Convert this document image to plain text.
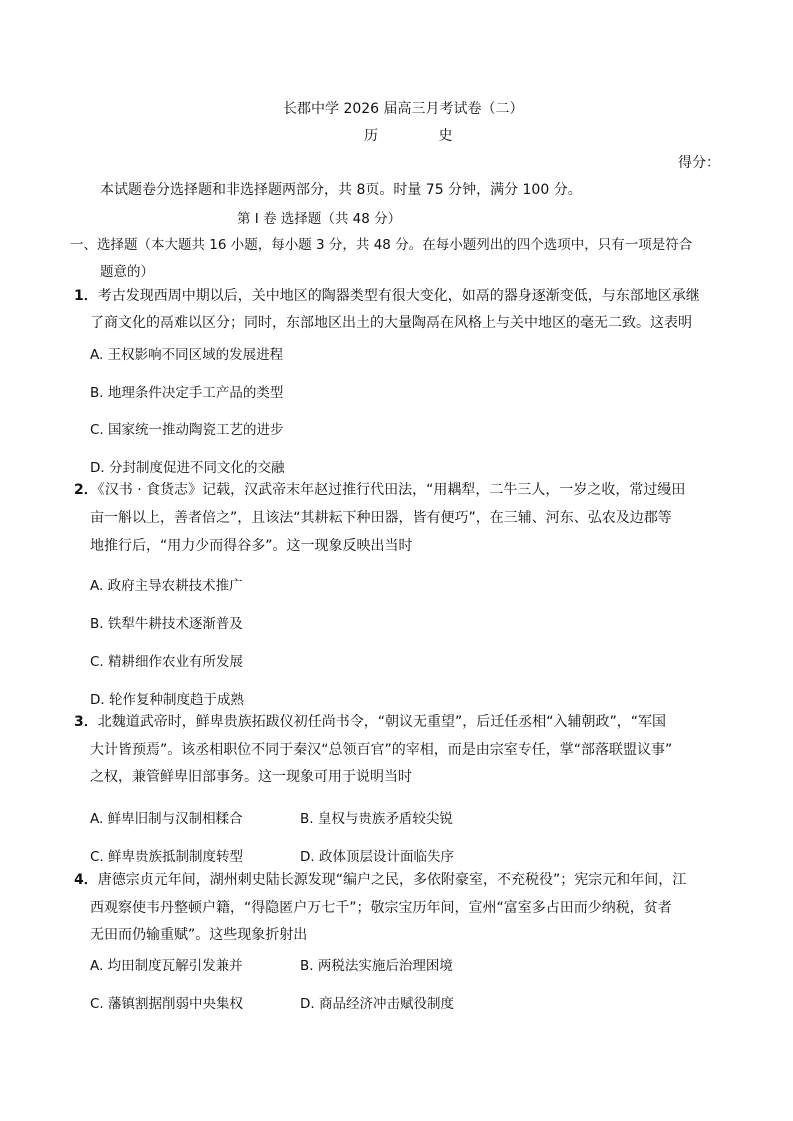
长郡中学 2026 届高三月考试卷（二）
历 史
得分：
本试题卷分选择题和非选择题两部分，共 8页。时量 75 分钟，满分 100 分。
第 I 卷 选择题（共 48 分）
一、选择题（本大题共 16 小题，每小题 3 分，共 48 分。在每小题列出的四个选项中，只有一项是符合
题意的）
1．考古发现西周中期以后，关中地区的陶器类型有很大变化，如鬲的器身逐渐变低，与东部地区承继
了商文化的鬲难以区分；同时，东部地区出土的大量陶鬲在风格上与关中地区的毫无二致。这表明
A. 王权影响不同区域的发展进程
B. 地理条件决定手工产品的类型
C. 国家统一推动陶瓷工艺的进步
D. 分封制度促进不同文化的交融
2．《汉书 · 食货志》记载，汉武帝末年赵过推行代田法，“用耦犁，二牛三人，一岁之收，常过缦田
亩一斛以上，善者倍之”，且该法“其耕耘下种田器，皆有便巧”，在三辅、河东、弘农及边郡等
地推行后，“用力少而得谷多”。这一现象反映出当时
A. 政府主导农耕技术推广
B. 铁犁牛耕技术逐渐普及
C. 精耕细作农业有所发展
D. 轮作复种制度趋于成熟
3．北魏道武帝时，鲜卑贵族拓跋仪初任尚书令，“朝议无重望”，后迁任丞相“入辅朝政”，“军国
大计皆预焉”。该丞相职位不同于秦汉“总领百官”的宰相，而是由宗室专任，掌“部落联盟议事”
之权，兼管鲜卑旧部事务。这一现象可用于说明当时
A. 鲜卑旧制与汉制相糅合	B. 皇权与贵族矛盾较尖锐
C. 鲜卑贵族抵制制度转型	D. 政体顶层设计面临失序
4．唐德宗贞元年间，湖州刺史陆长源发现“编户之民，多依附豪室，不充税役”；宪宗元和年间，江
西观察使韦丹整顿户籍，“得隐匿户万七千”；敬宗宝历年间，宣州“富室多占田而少纳税，贫者
无田而仍输重赋”。这些现象折射出
A. 均田制度瓦解引发兼并	B. 两税法实施后治理困境
C. 藩镇割据削弱中央集权	D. 商品经济冲击赋役制度
